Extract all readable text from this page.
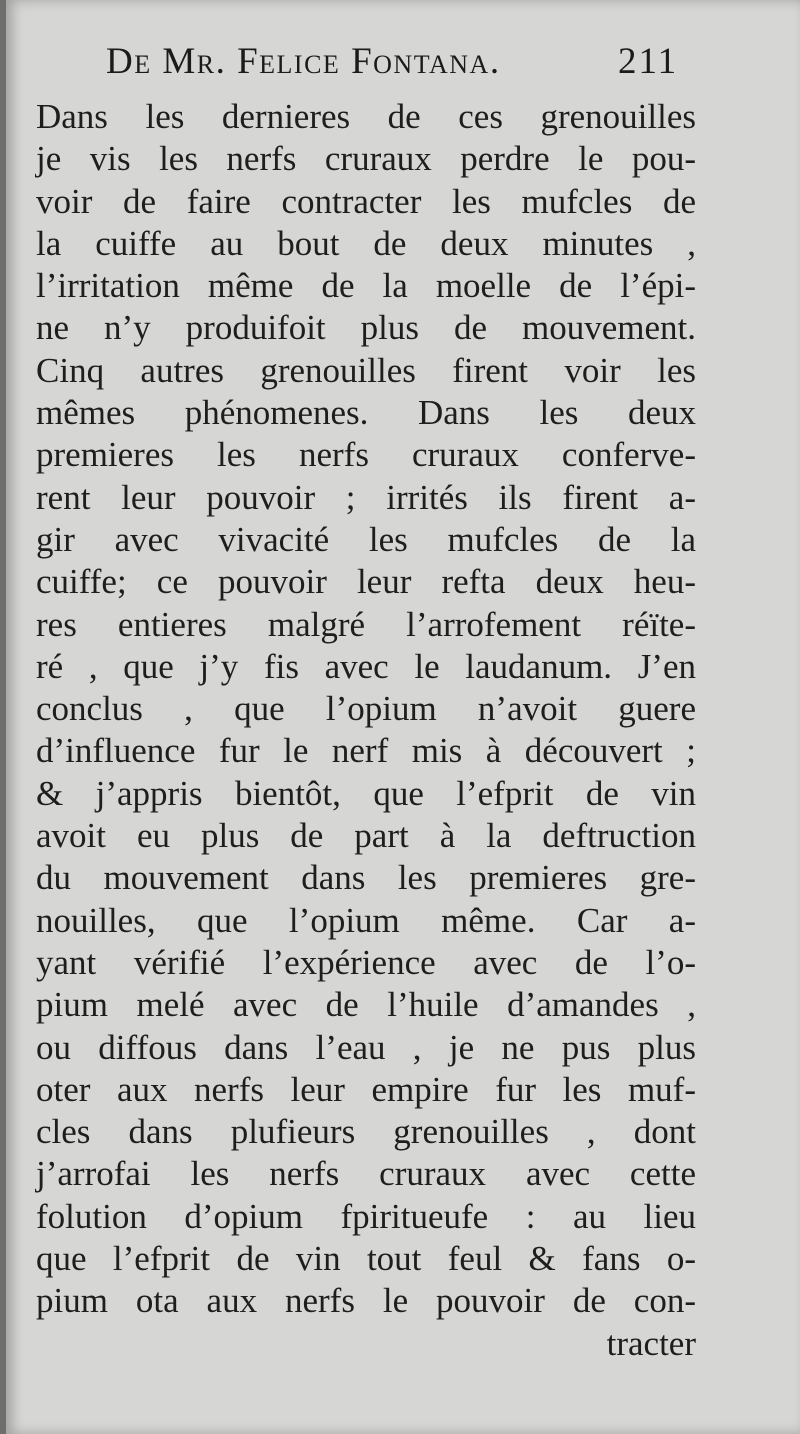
De Mr. Felice Fontana.	211
Dans les dernieres de ces grenouilles
je vis les nerfs cruraux perdre le pou-
voir de faire contracter les mufcles de
la cuiffe au bout de deux minutes ,
l’irritation même de la moelle de l’épi-
ne n’y produifoit plus de mouvement.
Cinq autres grenouilles firent voir les
mêmes phénomenes. Dans les deux
premieres les nerfs cruraux conferve-
rent leur pouvoir ; irrités ils firent a-
gir avec vivacité les mufcles de la
cuiffe; ce pouvoir leur refta deux heu-
res entieres malgré l’arrofement réïte-
ré , que j’y fis avec le laudanum. J’en
conclus , que l’opium n’avoit guere
d’influence fur le nerf mis à découvert ;
& j’appris bientôt, que l’efprit de vin
avoit eu plus de part à la deftruction
du mouvement dans les premieres gre-
nouilles, que l’opium même. Car a-
yant vérifié l’expérience avec de l’o-
pium melé avec de l’huile d’amandes ,
ou diffous dans l’eau , je ne pus plus
oter aux nerfs leur empire fur les muf-
cles dans plufieurs grenouilles , dont
j’arrofai les nerfs cruraux avec cette
folution d’opium fpiritueufe : au lieu
que l’efprit de vin tout feul & fans o-
pium ota aux nerfs le pouvoir de con-
tracter
